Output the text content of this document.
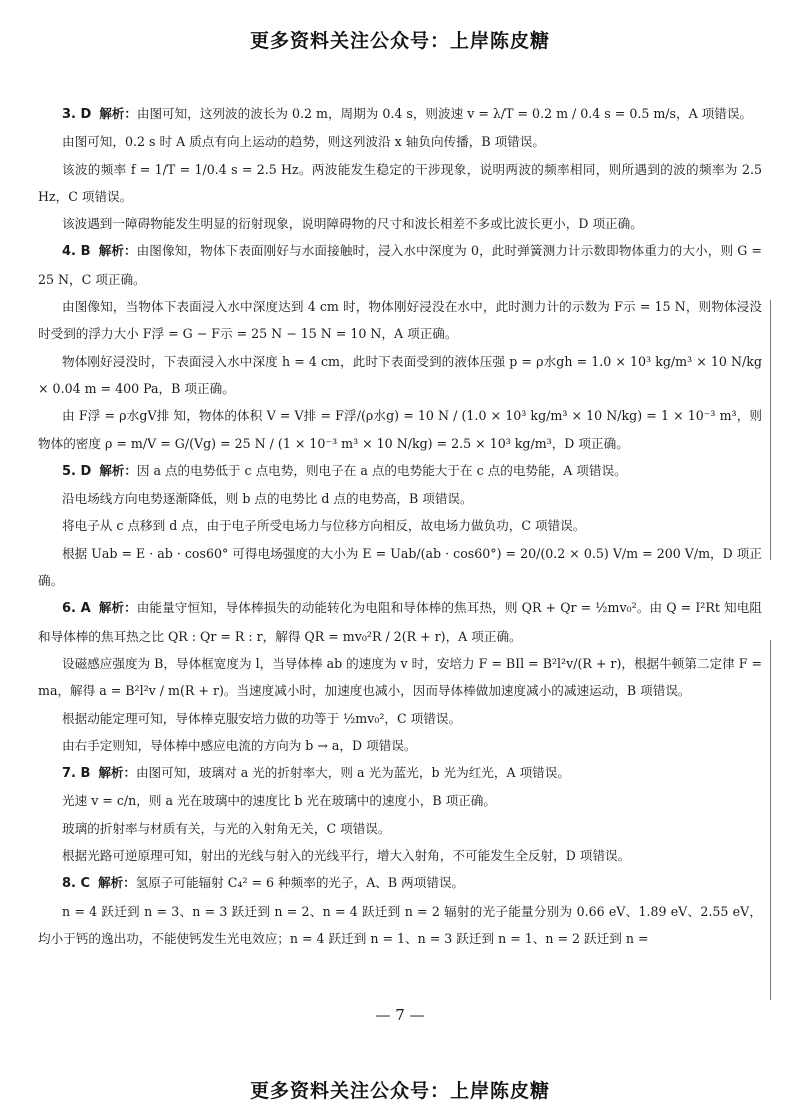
更多资料关注公众号：上岸陈皮糖

3. D 解析：由图可知，这列波的波长为 0.2 m，周期为 0.4 s，则波速 v = λ/T = 0.2 m / 0.4 s = 0.5 m/s，A 项错误。

由图可知，0.2 s 时 A 质点有向上运动的趋势，则这列波沿 x 轴负向传播，B 项错误。

该波的频率 f = 1/T = 1/0.4 s = 2.5 Hz。两波能发生稳定的干涉现象，说明两波的频率相同，则所遇到的波的频率为 2.5 Hz，C 项错误。

该波遇到一障碍物能发生明显的衍射现象，说明障碍物的尺寸和波长相差不多或比波长更小，D 项正确。

4. B 解析：由图像知，物体下表面刚好与水面接触时，浸入水中深度为 0，此时弹簧测力计示数即物体重力的大小，则 G = 25 N，C 项正确。

由图像知，当物体下表面浸入水中深度达到 4 cm 时，物体刚好浸没在水中，此时测力计的示数为 F示 = 15 N，则物体浸没时受到的浮力大小 F浮 = G − F示 = 25 N − 15 N = 10 N，A 项正确。

物体刚好浸没时，下表面浸入水中深度 h = 4 cm，此时下表面受到的液体压强 p = ρ水gh = 1.0 × 10³ kg/m³ × 10 N/kg × 0.04 m = 400 Pa，B 项正确。

由 F浮 = ρ水gV排 知，物体的体积 V = V排 = F浮/(ρ水g) = 10 N / (1.0 × 10³ kg/m³ × 10 N/kg) = 1 × 10⁻³ m³，则物体的密度 ρ = m/V = G/(Vg) = 25 N / (1 × 10⁻³ m³ × 10 N/kg) = 2.5 × 10³ kg/m³，D 项正确。

5. D 解析：因 a 点的电势低于 c 点电势，则电子在 a 点的电势能大于在 c 点的电势能，A 项错误。

沿电场线方向电势逐渐降低，则 b 点的电势比 d 点的电势高，B 项错误。

将电子从 c 点移到 d 点，由于电子所受电场力与位移方向相反，故电场力做负功，C 项错误。

根据 Uab = E · ab · cos60° 可得电场强度的大小为 E = Uab/(ab · cos60°) = 20/(0.2 × 0.5) V/m = 200 V/m，D 项正确。

6. A 解析：由能量守恒知，导体棒损失的动能转化为电阻和导体棒的焦耳热，则 QR + Qr = ½mv₀²。由 Q = I²Rt 知电阻和导体棒的焦耳热之比 QR : Qr = R : r，解得 QR = mv₀²R / 2(R + r)，A 项正确。

设磁感应强度为 B，导体框宽度为 l，当导体棒 ab 的速度为 v 时，安培力 F = BIl = B²l²v/(R + r)，根据牛顿第二定律 F = ma，解得 a = B²l²v / m(R + r)。当速度减小时，加速度也减小，因而导体棒做加速度减小的减速运动，B 项错误。

根据动能定理可知，导体棒克服安培力做的功等于 ½mv₀²，C 项错误。

由右手定则知，导体棒中感应电流的方向为 b → a，D 项错误。

7. B 解析：由图可知，玻璃对 a 光的折射率大，则 a 光为蓝光，b 光为红光，A 项错误。

光速 v = c/n，则 a 光在玻璃中的速度比 b 光在玻璃中的速度小，B 项正确。

玻璃的折射率与材质有关，与光的入射角无关，C 项错误。

根据光路可逆原理可知，射出的光线与射入的光线平行，增大入射角，不可能发生全反射，D 项错误。

8. C 解析：氢原子可能辐射 C₄² = 6 种频率的光子，A、B 两项错误。

n = 4 跃迁到 n = 3、n = 3 跃迁到 n = 2、n = 4 跃迁到 n = 2 辐射的光子能量分别为 0.66 eV、1.89 eV、2.55 eV，均小于钙的逸出功，不能使钙发生光电效应；n = 4 跃迁到 n = 1、n = 3 跃迁到 n = 1、n = 2 跃迁到 n =

— 7 —
更多资料关注公众号：上岸陈皮糖
